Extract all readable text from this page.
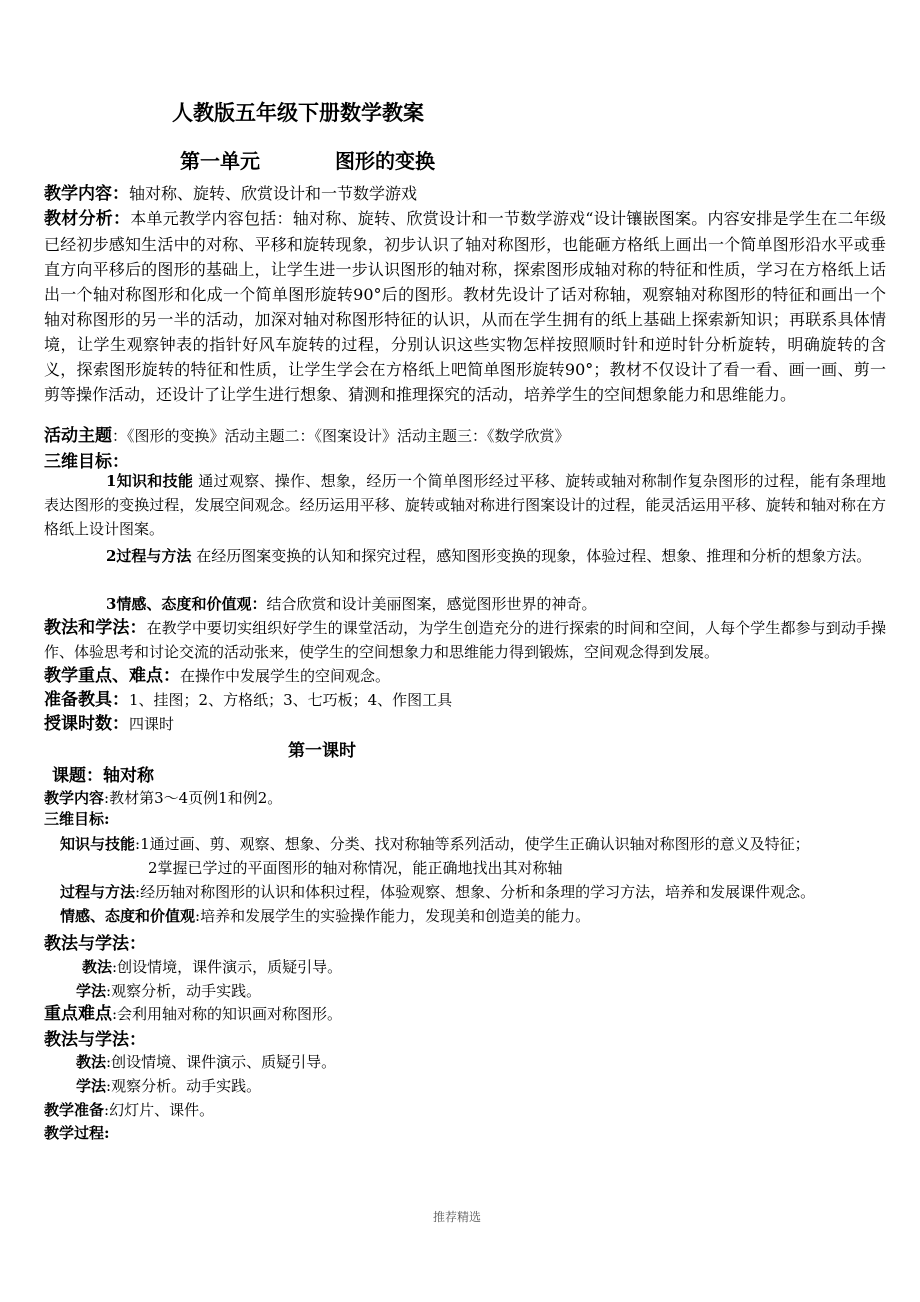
人教版五年级下册数学教案
第一单元	图形的变换
教学内容：轴对称、旋转、欣赏设计和一节数学游戏
教材分析：本单元教学内容包括：轴对称、旋转、欣赏设计和一节数学游戏“设计镶嵌图案。内容安排是学生在二年级已经初步感知生活中的对称、平移和旋转现象，初步认识了轴对称图形，也能砸方格纸上画出一个简单图形沿水平或垂直方向平移后的图形的基础上，让学生进一步认识图形的轴对称，探索图形成轴对称的特征和性质，学习在方格纸上话出一个轴对称图形和化成一个简单图形旋转90°后的图形。教材先设计了话对称轴，观察轴对称图形的特征和画出一个轴对称图形的另一半的活动，加深对轴对称图形特征的认识，从而在学生拥有的纸上基础上探索新知识；再联系具体情境，让学生观察钟表的指针好风车旋转的过程，分别认识这些实物怎样按照顺时针和逆时针分析旋转，明确旋转的含义，探索图形旋转的特征和性质，让学生学会在方格纸上吧简单图形旋转90°；教材不仅设计了看一看、画一画、剪一剪等操作活动，还设计了让学生进行想象、猜测和推理探究的活动，培养学生的空间想象能力和思维能力。
活动主题：《图形的变换》活动主题二：《图案设计》活动主题三：《数学欣赏》
三维目标：
1知识和技能 通过观察、操作、想象，经历一个简单图形经过平移、旋转或轴对称制作复杂图形的过程，能有条理地表达图形的变换过程，发展空间观念。经历运用平移、旋转或轴对称进行图案设计的过程，能灵活运用平移、旋转和轴对称在方格纸上设计图案。
2过程与方法 在经历图案变换的认知和探究过程，感知图形变换的现象，体验过程、想象、推理和分析的想象方法。
3情感、态度和价值观：结合欣赏和设计美丽图案，感觉图形世界的神奇。
教法和学法：在教学中要切实组织好学生的课堂活动，为学生创造充分的进行探索的时间和空间，人每个学生都参与到动手操作、体验思考和讨论交流的活动张来，使学生的空间想象力和思维能力得到锻炼，空间观念得到发展。
教学重点、难点：在操作中发展学生的空间观念。
准备教具：1、挂图；2、方格纸；3、七巧板；4、作图工具
授课时数：四课时
第一课时
课题：轴对称
教学内容:教材第3～4页例1和例2。
三维目标:
知识与技能:1通过画、剪、观察、想象、分类、找对称轴等系列活动，使学生正确认识轴对称图形的意义及特征；
2掌握已学过的平面图形的轴对称情况，能正确地找出其对称轴
过程与方法:经历轴对称图形的认识和体积过程，体验观察、想象、分析和条理的学习方法，培养和发展课件观念。
情感、态度和价值观:培养和发展学生的实验操作能力，发现美和创造美的能力。
教法与学法：
教法:创设情境，课件演示，质疑引导。
学法:观察分析，动手实践。
重点难点:会利用轴对称的知识画对称图形。
教法与学法：
教法:创设情境、课件演示、质疑引导。
学法:观察分析。动手实践。
教学准备:幻灯片、课件。
教学过程:
推荐精选
